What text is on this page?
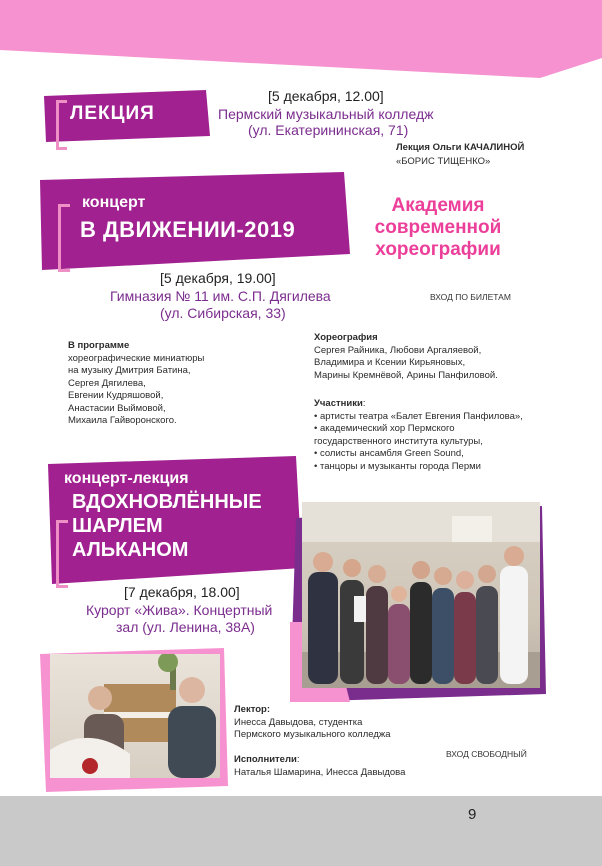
ЛЕКЦИЯ
[5 декабря, 12.00]
Пермский музыкальный колледж
(ул. Екатерининская, 71)
Лекция Ольги КАЧАЛИНОЙ
«БОРИС ТИЩЕНКО»
концерт
В ДВИЖЕНИИ-2019
Академия
современной
хореографии
[5 декабря, 19.00]
Гимназия № 11 им. С.П. Дягилева
(ул. Сибирская, 33)
ВХОД ПО БИЛЕТАМ
В программе
хореографические миниатюры
на музыку Дмитрия Батина,
Сергея Дягилева,
Евгении Кудряшовой,
Анастасии Выймовой,
Михаила Гайворонского.
Хореография
Сергея Райника, Любови Аргаляевой,
Владимира и Ксении Кирьяновых,
Марины Кремнёвой, Арины Панфиловой.
Участники:
• артисты театра «Балет Евгения Панфилова»,
• академический хор Пермского
государственного института культуры,
• солисты ансамбля Green Sound,
• танцоры и музыканты города Перми
концерт-лекция
ВДОХНОВЛЁННЫЕ
ШАРЛЕМ
АЛЬКАНОМ
[7 декабря, 18.00]
Курорт «Жива». Концертный
зал (ул. Ленина, 38А)
Лектор:
Инесса Давыдова, студентка
Пермского музыкального колледжа
ВХОД СВОБОДНЫЙ
Исполнители:
Наталья Шамарина, Инесса Давыдова
9
